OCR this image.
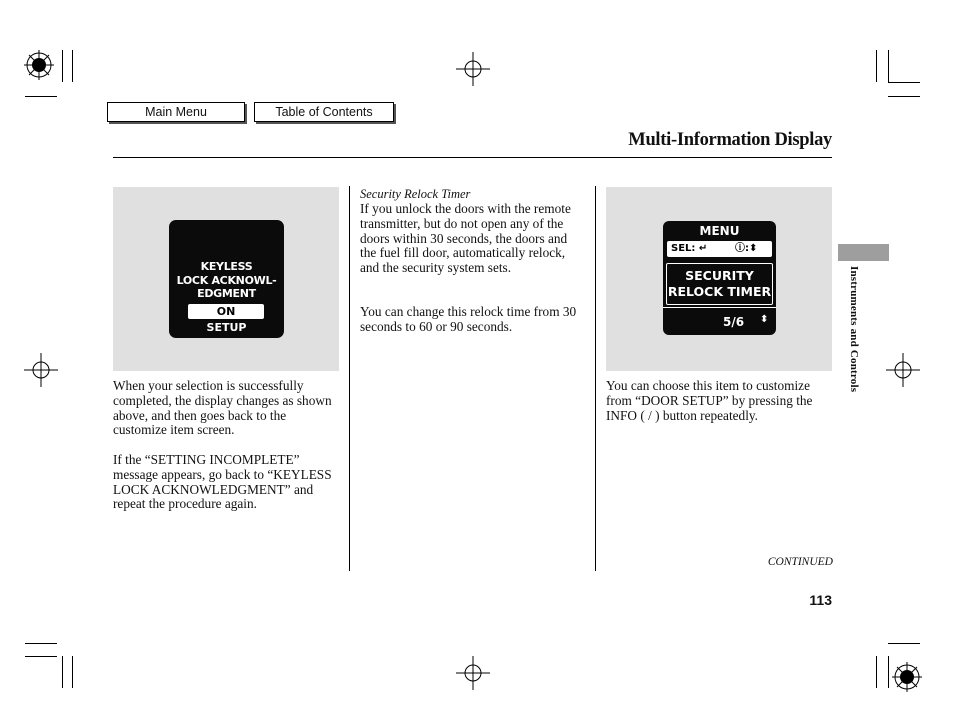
Main Menu	Table of Contents
Multi-Information Display
KEYLESS
LOCK ACKNOWL-
EDGMENT
ON
SETUP

When your selection is successfully completed, the display changes as shown above, and then goes back to the customize item screen.

If the “SETTING INCOMPLETE” message appears, go back to “KEYLESS LOCK ACKNOWLEDGMENT” and repeat the procedure again.

Security Relock Timer

If you unlock the doors with the remote transmitter, but do not open any of the doors within 30 seconds, the doors and the fuel fill door, automatically relock, and the security system sets.

You can change this relock time from 30 seconds to 60 or 90 seconds.

MENU
SEL: ↵	ⓘ:⬍
SECURITY
RELOCK TIMER
5/6 ⬍

You can choose this item to customize from “DOOR SETUP” by pressing the INFO ( / ) button repeatedly.

Instruments and Controls
CONTINUED
113
